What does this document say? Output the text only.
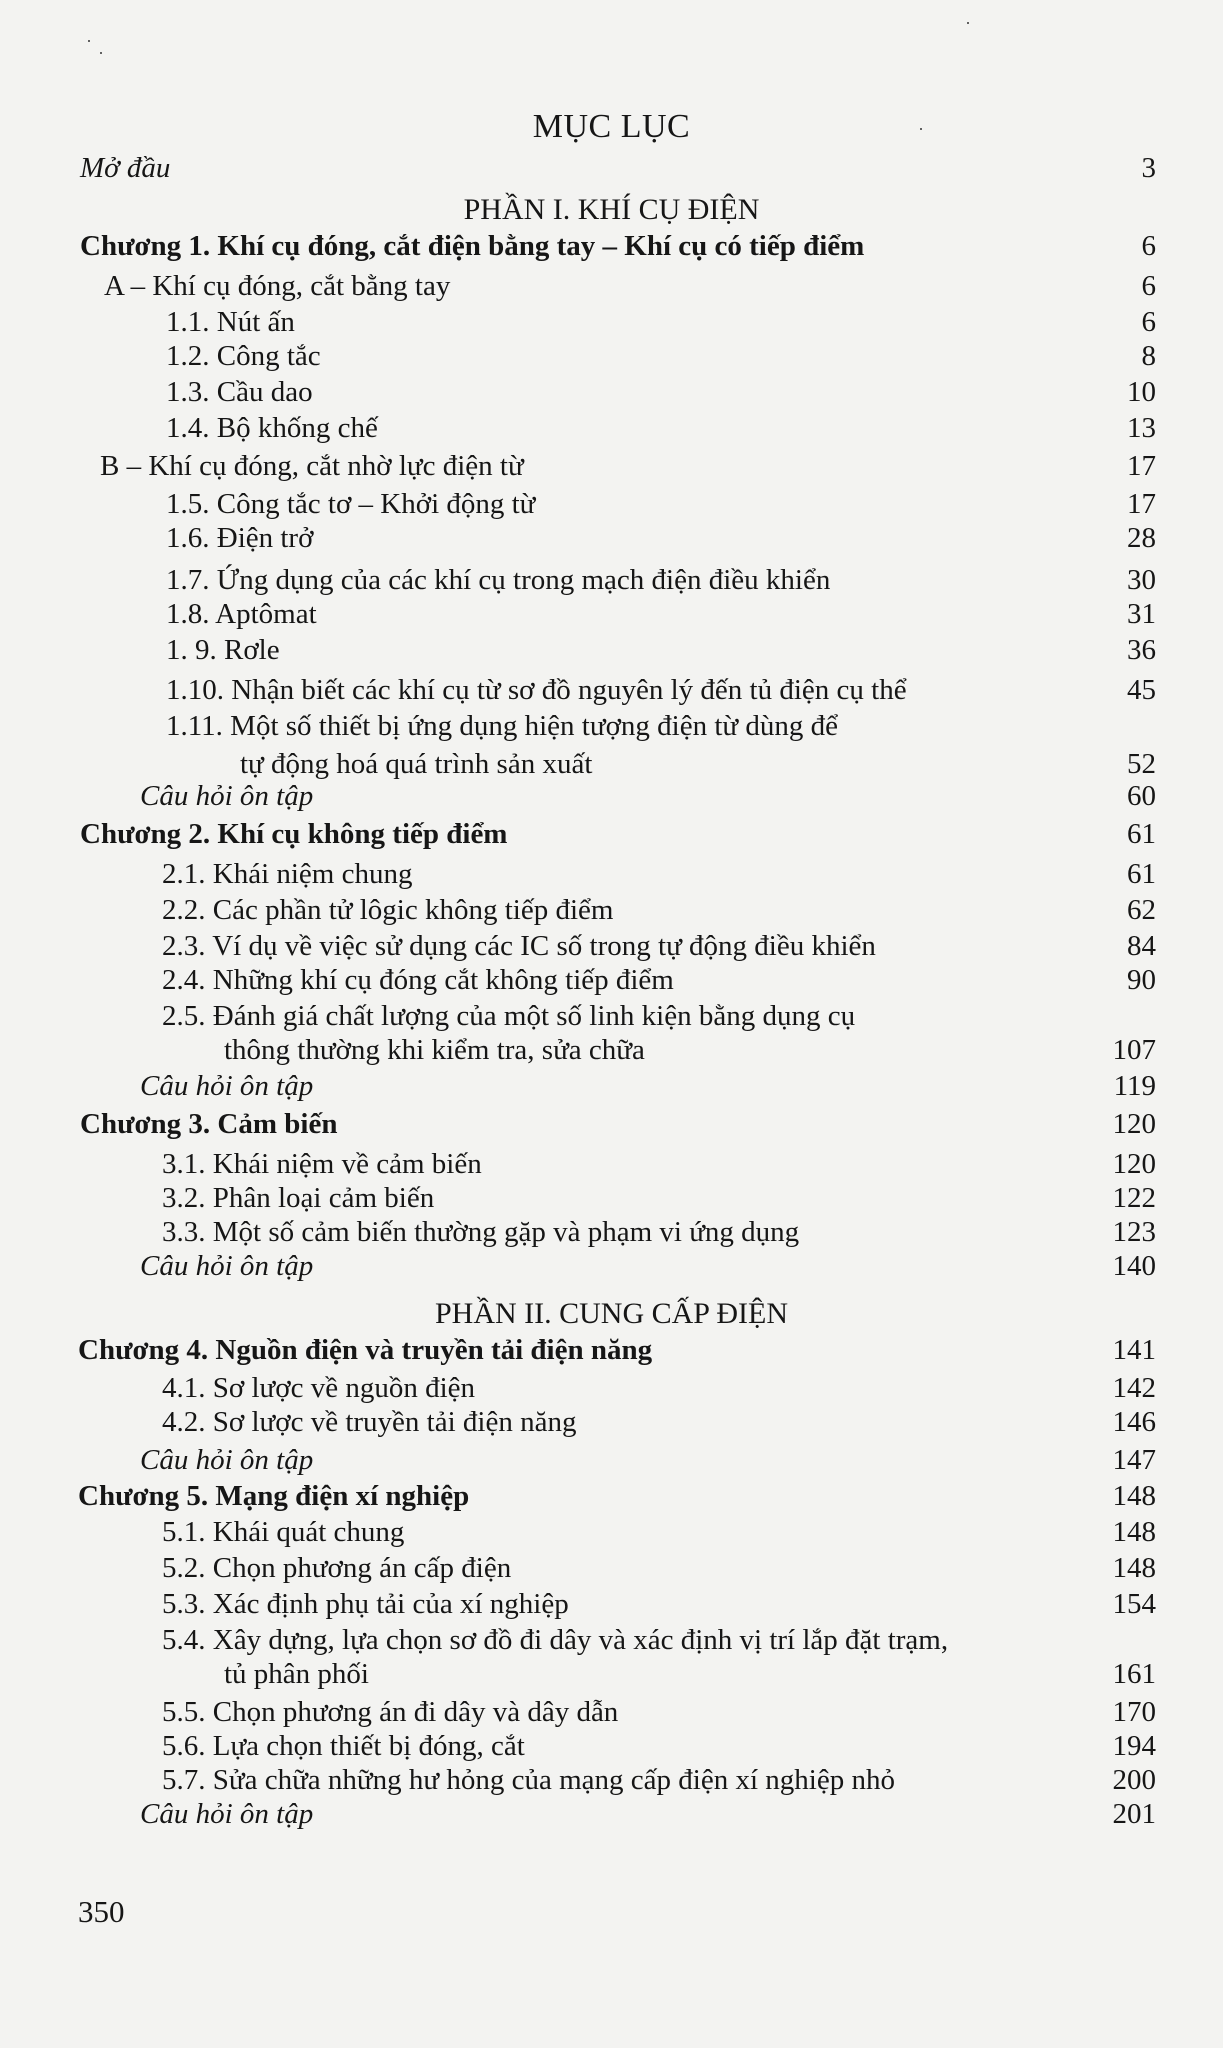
MỤC LỤC
Mở đầu	3
PHẦN I. KHÍ CỤ ĐIỆN
Chương 1. Khí cụ đóng, cắt điện bằng tay – Khí cụ có tiếp điểm	6
A – Khí cụ đóng, cắt bằng tay	6
1.1. Nút ấn	6
1.2. Công tắc	8
1.3. Cầu dao	10
1.4. Bộ khống chế	13
B – Khí cụ đóng, cắt nhờ lực điện từ	17
1.5. Công tắc tơ – Khởi động từ	17
1.6. Điện trở	28
1.7. Ứng dụng của các khí cụ trong mạch điện điều khiển	30
1.8. Aptômat	31
1. 9. Rơle	36
1.10. Nhận biết các khí cụ từ sơ đồ nguyên lý đến tủ điện cụ thể	45
1.11. Một số thiết bị ứng dụng hiện tượng điện từ dùng để
tự động hoá quá trình sản xuất	52
Câu hỏi ôn tập	60
Chương 2. Khí cụ không tiếp điểm	61
2.1. Khái niệm chung	61
2.2. Các phần tử lôgic không tiếp điểm	62
2.3. Ví dụ về việc sử dụng các IC số trong tự động điều khiển	84
2.4. Những khí cụ đóng cắt không tiếp điểm	90
2.5. Đánh giá chất lượng của một số linh kiện bằng dụng cụ
thông thường khi kiểm tra, sửa chữa	107
Câu hỏi ôn tập	119
Chương 3. Cảm biến	120
3.1. Khái niệm về cảm biến	120
3.2. Phân loại cảm biến	122
3.3. Một số cảm biến thường gặp và phạm vi ứng dụng	123
Câu hỏi ôn tập	140
PHẦN II. CUNG CẤP ĐIỆN
Chương 4. Nguồn điện và truyền tải điện năng	141
4.1. Sơ lược về nguồn điện	142
4.2. Sơ lược về truyền tải điện năng	146
Câu hỏi ôn tập	147
Chương 5. Mạng điện xí nghiệp	148
5.1. Khái quát chung	148
5.2. Chọn phương án cấp điện	148
5.3. Xác định phụ tải của xí nghiệp	154
5.4. Xây dựng, lựa chọn sơ đồ đi dây và xác định vị trí lắp đặt trạm,
tủ phân phối	161
5.5. Chọn phương án đi dây và dây dẫn	170
5.6. Lựa chọn thiết bị đóng, cắt	194
5.7. Sửa chữa những hư hỏng của mạng cấp điện xí nghiệp nhỏ	200
Câu hỏi ôn tập	201
350
